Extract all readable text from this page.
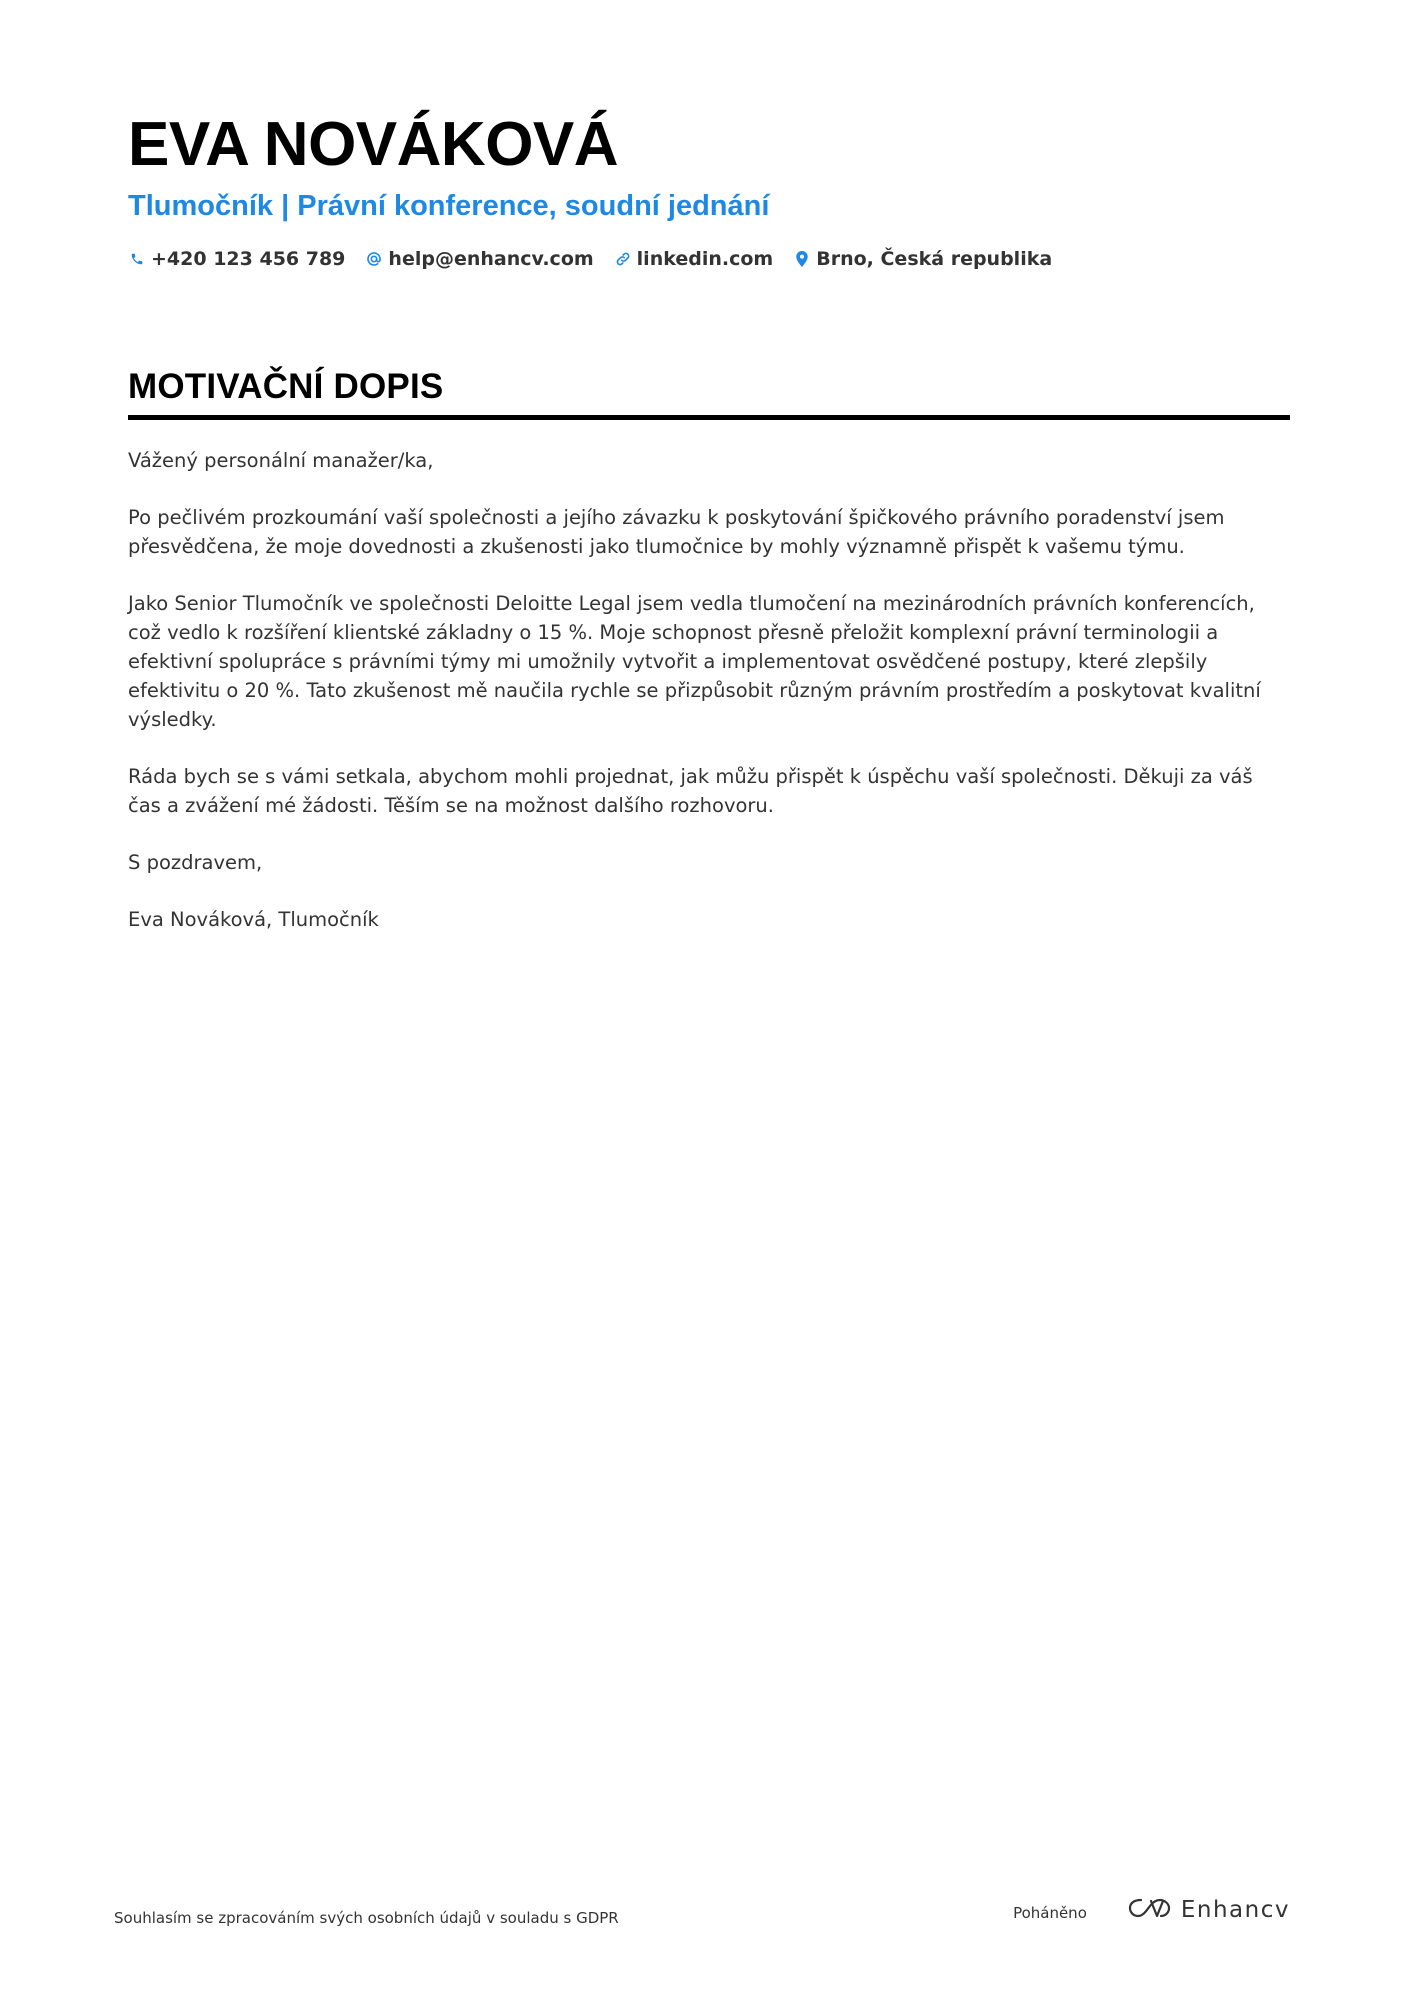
EVA NOVÁKOVÁ
Tlumočník | Právní konference, soudní jednání
+420 123 456 789 help@enhancv.com linkedin.com Brno, Česká republika
MOTIVAČNÍ DOPIS

Vážený personální manažer/ka,

Po pečlivém prozkoumání vaší společnosti a jejího závazku k poskytování špičkového právního poradenství jsem přesvědčena, že moje dovednosti a zkušenosti jako tlumočnice by mohly významně přispět k vašemu týmu.

Jako Senior Tlumočník ve společnosti Deloitte Legal jsem vedla tlumočení na mezinárodních právních konferencích, což vedlo k rozšíření klientské základny o 15 %. Moje schopnost přesně přeložit komplexní právní terminologii a efektivní spolupráce s právními týmy mi umožnily vytvořit a implementovat osvědčené postupy, které zlepšily efektivitu o 20 %. Tato zkušenost mě naučila rychle se přizpůsobit různým právním prostředím a poskytovat kvalitní výsledky.

Ráda bych se s vámi setkala, abychom mohli projednat, jak můžu přispět k úspěchu vaší společnosti. Děkuji za váš čas a zvážení mé žádosti. Těším se na možnost dalšího rozhovoru.

S pozdravem,

Eva Nováková, Tlumočník

Souhlasím se zpracováním svých osobních údajů v souladu s GDPR	Poháněno	Enhancv
